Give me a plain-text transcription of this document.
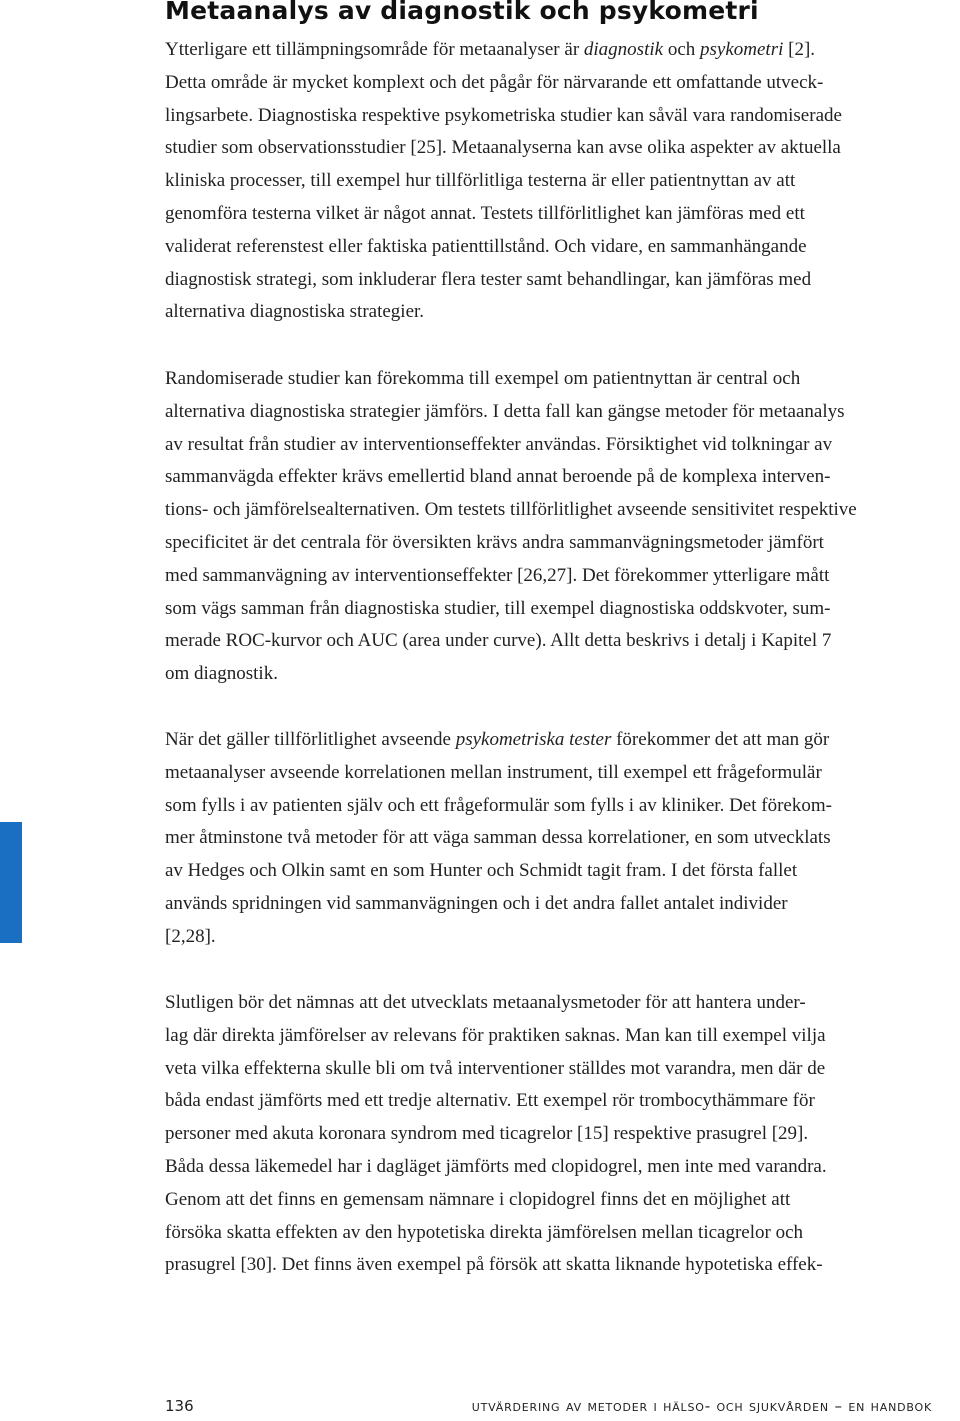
Metaanalys av diagnostik och psykometri
Ytterligare ett tillämpningsområde för metaanalyser är diagnostik och psykometri [2].
Detta område är mycket komplext och det pågår för närvarande ett omfattande utveck-
lingsarbete. Diagnostiska respektive psykometriska studier kan såväl vara randomiserade
studier som observationsstudier [25]. Metaanalyserna kan avse olika aspekter av aktuella
kliniska processer, till exempel hur tillförlitliga testerna är eller patientnyttan av att
genomföra testerna vilket är något annat. Testets tillförlitlighet kan jämföras med ett
validerat referenstest eller faktiska patienttillstånd. Och vidare, en sammanhängande
diagnostisk strategi, som inkluderar flera tester samt behandlingar, kan jämföras med
alternativa diagnostiska strategier.
Randomiserade studier kan förekomma till exempel om patientnyttan är central och
alternativa diagnostiska strategier jämförs. I detta fall kan gängse metoder för metaanalys
av resultat från studier av interventionseffekter användas. Försiktighet vid tolkningar av
sammanvägda effekter krävs emellertid bland annat beroende på de komplexa interven-
tions- och jämförelsealternativen. Om testets tillförlitlighet avseende sensitivitet respektive
specificitet är det centrala för översikten krävs andra sammanvägningsmetoder jämfört
med sammanvägning av interventionseffekter [26,27]. Det förekommer ytterligare mått
som vägs samman från diagnostiska studier, till exempel diagnostiska oddskvoter, sum-
merade ROC-kurvor och AUC (area under curve). Allt detta beskrivs i detalj i Kapitel 7
om diagnostik.
När det gäller tillförlitlighet avseende psykometriska tester förekommer det att man gör
metaanalyser avseende korrelationen mellan instrument, till exempel ett frågeformulär
som fylls i av patienten själv och ett frågeformulär som fylls i av kliniker. Det förekom-
mer åtminstone två metoder för att väga samman dessa korrelationer, en som utvecklats
av Hedges och Olkin samt en som Hunter och Schmidt tagit fram. I det första fallet
används spridningen vid sammanvägningen och i det andra fallet antalet individer
[2,28].
Slutligen bör det nämnas att det utvecklats metaanalysmetoder för att hantera under-
lag där direkta jämförelser av relevans för praktiken saknas. Man kan till exempel vilja
veta vilka effekterna skulle bli om två interventioner ställdes mot varandra, men där de
båda endast jämförts med ett tredje alternativ. Ett exempel rör trombocythämmare för
personer med akuta koronara syndrom med ticagrelor [15] respektive prasugrel [29].
Båda dessa läkemedel har i dagläget jämförts med clopidogrel, men inte med varandra.
Genom att det finns en gemensam nämnare i clopidogrel finns det en möjlighet att
försöka skatta effekten av den hypotetiska direkta jämförelsen mellan ticagrelor och
prasugrel [30]. Det finns även exempel på försök att skatta liknande hypotetiska effek-
136	utvärdering av metoder i hälso- och sjukvården – en handbok
